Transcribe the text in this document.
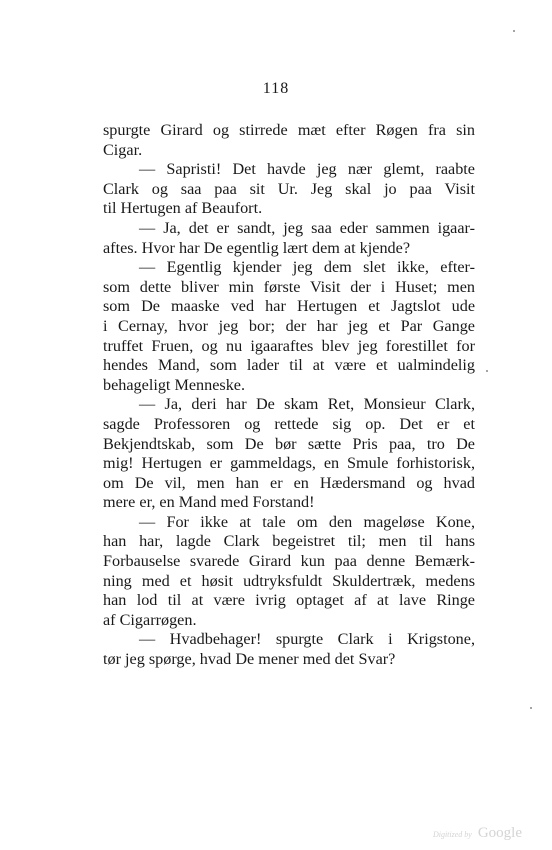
118
spurgte Girard og stirrede mæt efter Røgen fra sin
Cigar.
— Sapristi! Det havde jeg nær glemt, raabte
Clark og saa paa sit Ur. Jeg skal jo paa Visit
til Hertugen af Beaufort.
— Ja, det er sandt, jeg saa eder sammen igaar-
aftes. Hvor har De egentlig lært dem at kjende?
— Egentlig kjender jeg dem slet ikke, efter-
som dette bliver min første Visit der i Huset; men
som De maaske ved har Hertugen et Jagtslot ude
i Cernay, hvor jeg bor; der har jeg et Par Gange
truffet Fruen, og nu igaaraftes blev jeg forestillet for
hendes Mand, som lader til at være et ualmindelig
behageligt Menneske.
— Ja, deri har De skam Ret, Monsieur Clark,
sagde Professoren og rettede sig op. Det er et
Bekjendtskab, som De bør sætte Pris paa, tro De
mig! Hertugen er gammeldags, en Smule forhistorisk,
om De vil, men han er en Hædersmand og hvad
mere er, en Mand med Forstand!
— For ikke at tale om den mageløse Kone,
han har, lagde Clark begeistret til; men til hans
Forbauselse svarede Girard kun paa denne Bemærk-
ning med et høsit udtryksfuldt Skuldertræk, medens
han lod til at være ivrig optaget af at lave Ringe
af Cigarrøgen.
— Hvadbehager! spurgte Clark i Krigstone,
tør jeg spørge, hvad De mener med det Svar?
Digitized by Google
